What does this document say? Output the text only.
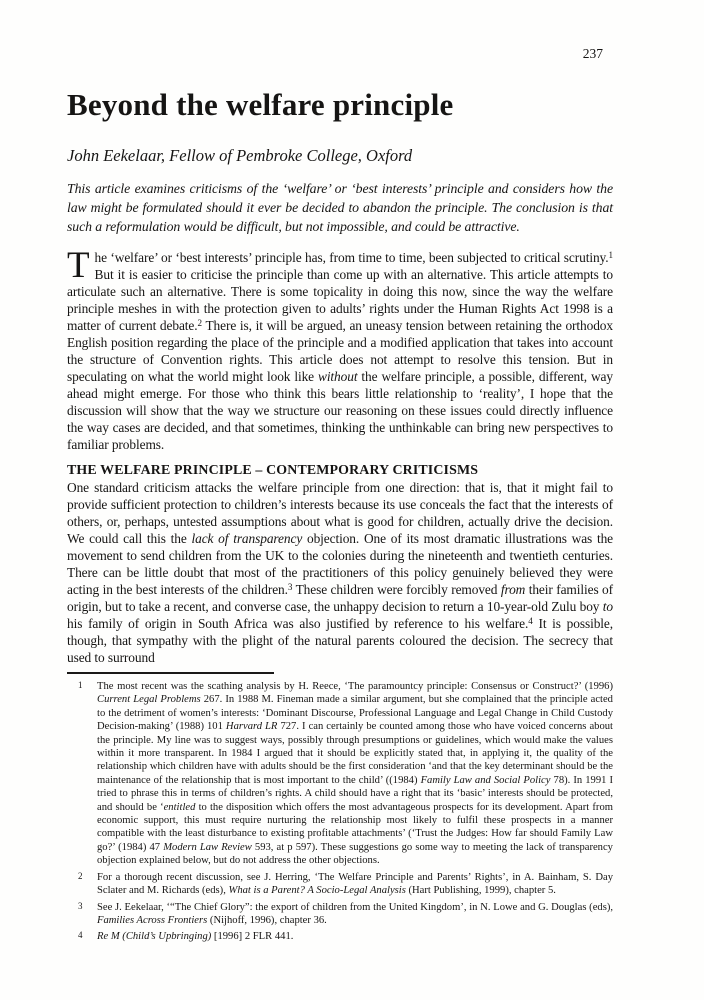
237
Beyond the welfare principle
John Eekelaar, Fellow of Pembroke College, Oxford
This article examines criticisms of the ‘welfare’ or ‘best interests’ principle and considers how the law might be formulated should it ever be decided to abandon the principle. The conclusion is that such a reformulation would be difficult, but not impossible, and could be attractive.

The ‘welfare’ or ‘best interests’ principle has, from time to time, been subjected to critical scrutiny.$^1$ But it is easier to criticise the principle than come up with an alternative. This article attempts to articulate such an alternative. There is some topicality in doing this now, since the way the welfare principle meshes in with the protection given to adults’ rights under the Human Rights Act 1998 is a matter of current debate.$^2$ There is, it will be argued, an uneasy tension between retaining the orthodox English position regarding the place of the principle and a modified application that takes into account the structure of Convention rights. This article does not attempt to resolve this tension. But in speculating on what the world might look like without the welfare principle, a possible, different, way ahead might emerge. For those who think this bears little relationship to ‘reality’, I hope that the discussion will show that the way we structure our reasoning on these issues could directly influence the way cases are decided, and that sometimes, thinking the unthinkable can bring new perspectives to familiar problems.

THE WELFARE PRINCIPLE – CONTEMPORARY CRITICISMS

One standard criticism attacks the welfare principle from one direction: that is, that it might fail to provide sufficient protection to children’s interests because its use conceals the fact that the interests of others, or, perhaps, untested assumptions about what is good for children, actually drive the decision. We could call this the lack of transparency objection. One of its most dramatic illustrations was the movement to send children from the UK to the colonies during the nineteenth and twentieth centuries. There can be little doubt that most of the practitioners of this policy genuinely believed they were acting in the best interests of the children.$^3$ These children were forcibly removed from their families of origin, but to take a recent, and converse case, the unhappy decision to return a 10-year-old Zulu boy to his family of origin in South Africa was also justified by reference to his welfare.$^4$ It is possible, though, that sympathy with the plight of the natural parents coloured the decision. The secrecy that used to surround

1 The most recent was the scathing analysis by H. Reece, ‘The paramountcy principle: Consensus or Construct?’ (1996) Current Legal Problems 267. In 1988 M. Fineman made a similar argument, but she complained that the principle acted to the detriment of women’s interests: ‘Dominant Discourse, Professional Language and Legal Change in Child Custody Decision-making’ (1988) 101 Harvard LR 727. I can certainly be counted among those who have voiced concerns about the principle. My line was to suggest ways, possibly through presumptions or guidelines, which would make the values within it more transparent. In 1984 I argued that it should be explicitly stated that, in applying it, the quality of the relationship which children have with adults should be the first consideration ‘and that the key determinant should be the maintenance of the relationship that is most important to the child’ ((1984) Family Law and Social Policy 78). In 1991 I tried to phrase this in terms of children’s rights. A child should have a right that its ‘basic’ interests should be protected, and should be ‘entitled to the disposition which offers the most advantageous prospects for its development. Apart from economic support, this must require nurturing the relationship most likely to fulfil these prospects in a manner compatible with the least disturbance to existing profitable attachments’ (‘Trust the Judges: How far should Family Law go?’ (1984) 47 Modern Law Review 593, at p 597). These suggestions go some way to meeting the lack of transparency objection explained below, but do not address the other objections.
2 For a thorough recent discussion, see J. Herring, ‘The Welfare Principle and Parents’ Rights’, in A. Bainham, S. Day Sclater and M. Richards (eds), What is a Parent? A Socio-Legal Analysis (Hart Publishing, 1999), chapter 5.
3 See J. Eekelaar, ‘“The Chief Glory”: the export of children from the United Kingdom’, in N. Lowe and G. Douglas (eds), Families Across Frontiers (Nijhoff, 1996), chapter 36.
4 Re M (Child’s Upbringing) [1996] 2 FLR 441.
